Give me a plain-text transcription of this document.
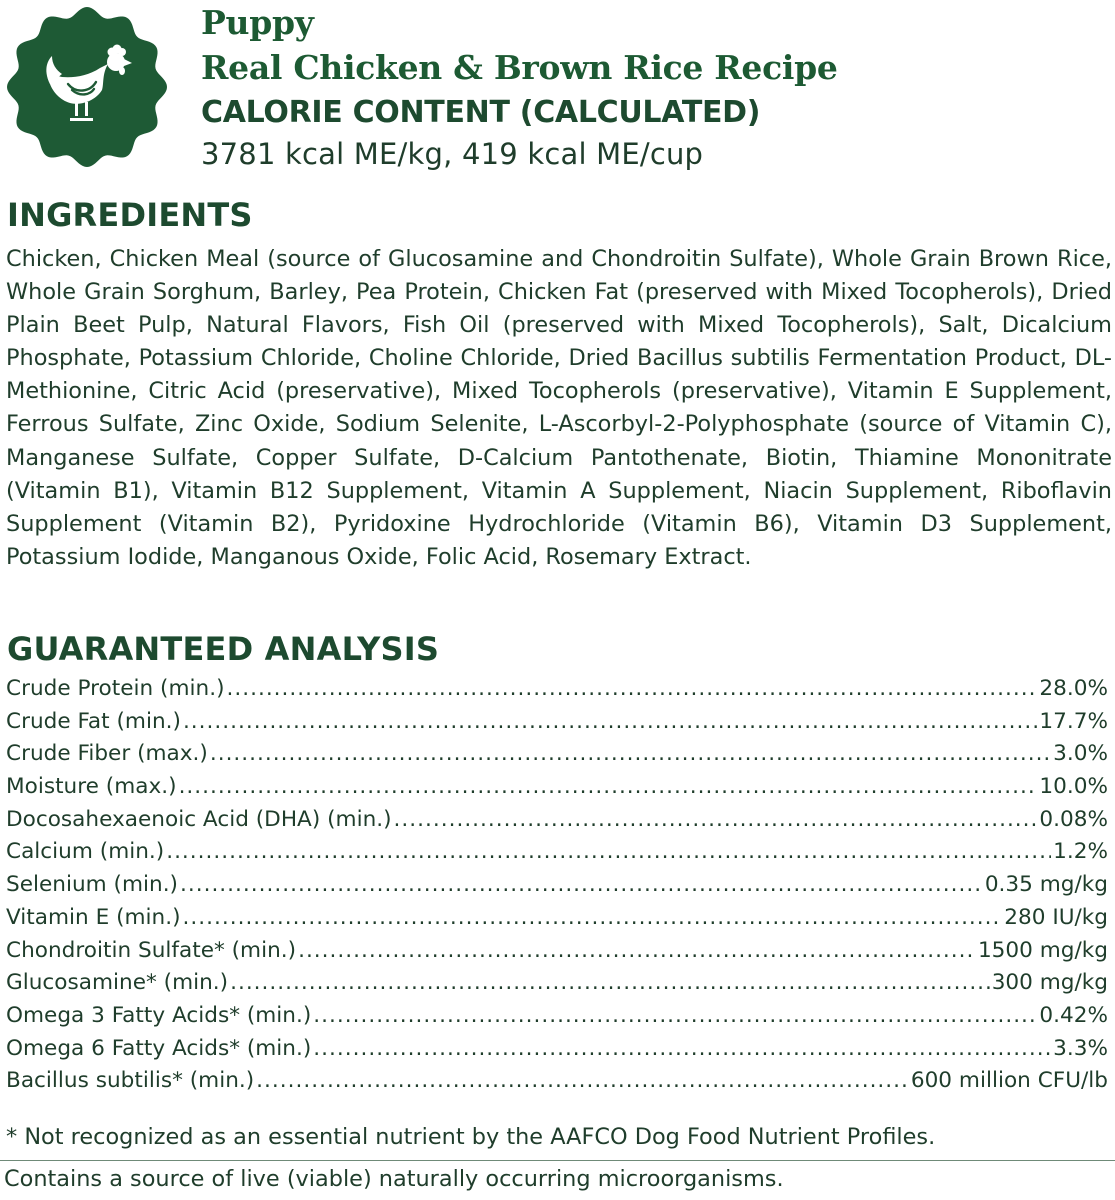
Puppy
Real Chicken & Brown Rice Recipe
CALORIE CONTENT (CALCULATED)
3781 kcal ME/kg, 419 kcal ME/cup
INGREDIENTS

Chicken, Chicken Meal (source of Glucosamine and Chondroitin Sulfate), Whole Grain Brown Rice, Whole Grain Sorghum, Barley, Pea Protein, Chicken Fat (preserved with Mixed Tocopherols), Dried Plain Beet Pulp, Natural Flavors, Fish Oil (preserved with Mixed Tocopherols), Salt, Dicalcium Phosphate, Potassium Chloride, Choline Chloride, Dried Bacillus subtilis Fermentation Product, DL-Methionine, Citric Acid (preservative), Mixed Tocopherols (preservative), Vitamin E Supplement, Ferrous Sulfate, Zinc Oxide, Sodium Selenite, L-Ascorbyl-2-Polyphosphate (source of Vitamin C), Manganese Sulfate, Copper Sulfate, D-Calcium Pantothenate, Biotin, Thiamine Mononitrate (Vitamin B1), Vitamin B12 Supplement, Vitamin A Supplement, Niacin Supplement, Riboflavin Supplement (Vitamin B2), Pyridoxine Hydrochloride (Vitamin B6), Vitamin D3 Supplement, Potassium Iodide, Manganous Oxide, Folic Acid, Rosemary Extract.

GUARANTEED ANALYSIS
Crude Protein (min.) .....	28.0%
Crude Fat (min.) .....	17.7%
Crude Fiber (max.) .....	3.0%
Moisture (max.) .....	10.0%
Docosahexaenoic Acid (DHA) (min.) .....	0.08%
Calcium (min.) .....	1.2%
Selenium (min.) .....	0.35 mg/kg
Vitamin E (min.) .....	280 IU/kg
Chondroitin Sulfate* (min.) .....	1500 mg/kg
Glucosamine* (min.) .....	300 mg/kg
Omega 3 Fatty Acids* (min.) .....	0.42%
Omega 6 Fatty Acids* (min.) .....	3.3%
Bacillus subtilis* (min.) .....	600 million CFU/lb
* Not recognized as an essential nutrient by the AAFCO Dog Food Nutrient Profiles.
Contains a source of live (viable) naturally occurring microorganisms.
